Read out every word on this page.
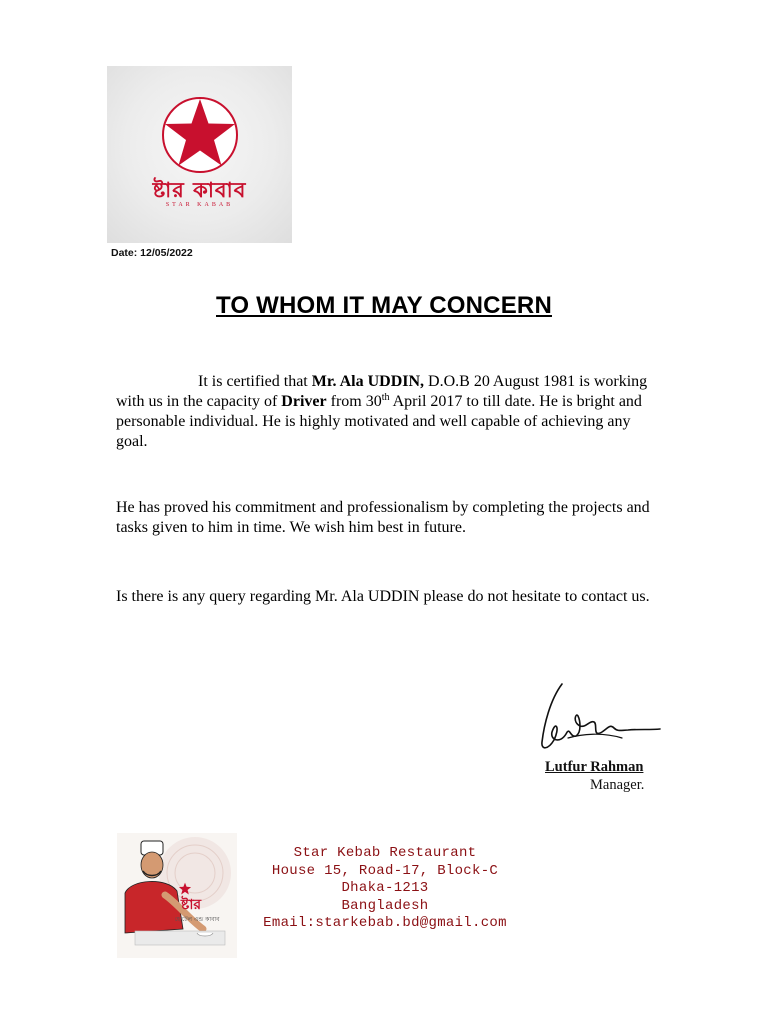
ষ্টার কাবাব
STAR KABAB
Date: 12/05/2022
TO WHOM IT MAY CONCERN
It is certified that Mr. Ala UDDIN, D.O.B 20 August 1981 is working with us in the capacity of Driver from 30th April 2017 to till date. He is bright and personable individual. He is highly motivated and well capable of achieving any goal.
He has proved his commitment and professionalism by completing the projects and tasks given to him in time. We wish him best in future.
Is there is any query regarding Mr. Ala UDDIN please do not hesitate to contact us.
Lutfur Rahman
Manager.
ষ্টার
হোটেল এন্ড কাবাব
Star Kebab Restaurant
House 15, Road-17, Block-C
Dhaka-1213
Bangladesh
Email:starkebab.bd@gmail.com
